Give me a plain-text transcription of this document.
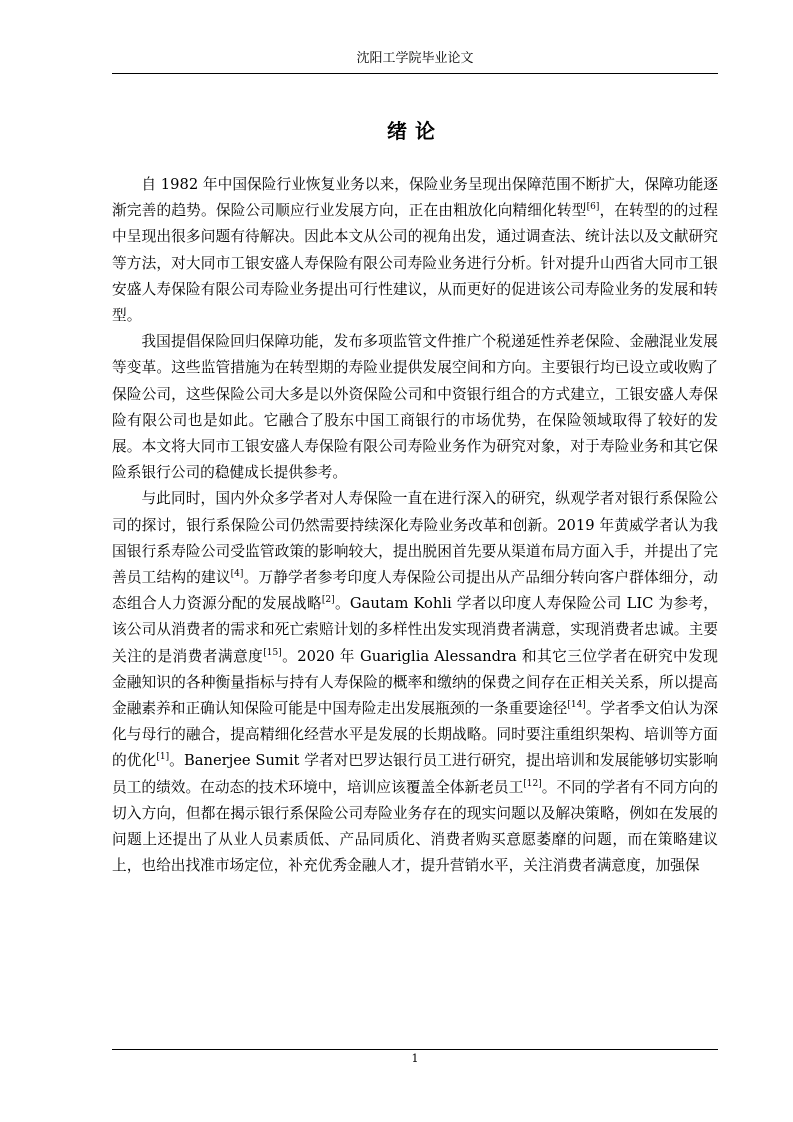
沈阳工学院毕业论文
绪论

自 1982 年中国保险行业恢复业务以来，保险业务呈现出保障范围不断扩大，保障功能逐渐完善的趋势。保险公司顺应行业发展方向，正在由粗放化向精细化转型[6]，在转型的的过程中呈现出很多问题有待解决。因此本文从公司的视角出发，通过调查法、统计法以及文献研究等方法，对大同市工银安盛人寿保险有限公司寿险业务进行分析。针对提升山西省大同市工银安盛人寿保险有限公司寿险业务提出可行性建议，从而更好的促进该公司寿险业务的发展和转型。

我国提倡保险回归保障功能，发布多项监管文件推广个税递延性养老保险、金融混业发展等变革。这些监管措施为在转型期的寿险业提供发展空间和方向。主要银行均已设立或收购了保险公司，这些保险公司大多是以外资保险公司和中资银行组合的方式建立，工银安盛人寿保险有限公司也是如此。它融合了股东中国工商银行的市场优势，在保险领域取得了较好的发展。本文将大同市工银安盛人寿保险有限公司寿险业务作为研究对象，对于寿险业务和其它保险系银行公司的稳健成长提供参考。

与此同时，国内外众多学者对人寿保险一直在进行深入的研究，纵观学者对银行系保险公司的探讨，银行系保险公司仍然需要持续深化寿险业务改革和创新。2019 年黄威学者认为我国银行系寿险公司受监管政策的影响较大，提出脱困首先要从渠道布局方面入手，并提出了完善员工结构的建议[4]。万静学者参考印度人寿保险公司提出从产品细分转向客户群体细分，动态组合人力资源分配的发展战略[2]。Gautam Kohli 学者以印度人寿保险公司 LIC 为参考，该公司从消费者的需求和死亡索赔计划的多样性出发实现消费者满意，实现消费者忠诚。主要关注的是消费者满意度[15]。2020 年 Guariglia Alessandra 和其它三位学者在研究中发现金融知识的各种衡量指标与持有人寿保险的概率和缴纳的保费之间存在正相关关系，所以提高金融素养和正确认知保险可能是中国寿险走出发展瓶颈的一条重要途径[14]。学者季文伯认为深化与母行的融合，提高精细化经营水平是发展的长期战略。同时要注重组织架构、培训等方面的优化[1]。Banerjee Sumit 学者对巴罗达银行员工进行研究，提出培训和发展能够切实影响员工的绩效。在动态的技术环境中，培训应该覆盖全体新老员工[12]。不同的学者有不同方向的切入方向，但都在揭示银行系保险公司寿险业务存在的现实问题以及解决策略，例如在发展的问题上还提出了从业人员素质低、产品同质化、消费者购买意愿萎靡的问题，而在策略建议上，也给出找准市场定位，补充优秀金融人才，提升营销水平，关注消费者满意度，加强保

1
